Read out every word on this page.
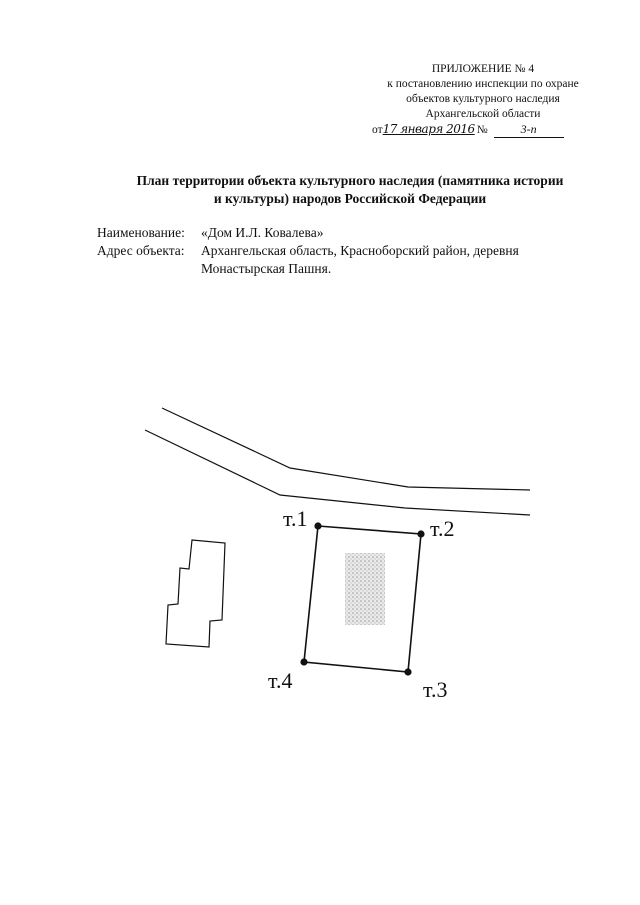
ПРИЛОЖЕНИЕ № 4
к постановлению инспекции по охране
объектов культурного наследия
Архангельской области
от17 января 2016 №	3-п
План территории объекта культурного наследия (памятника истории
и культуры) народов Российской Федерации
Наименование:	«Дом И.Л. Ковалева»
Адрес объекта:	Архангельская область, Красноборский район, деревня
Монастырская Пашня.
т.1	т.2
т.3
т.4
